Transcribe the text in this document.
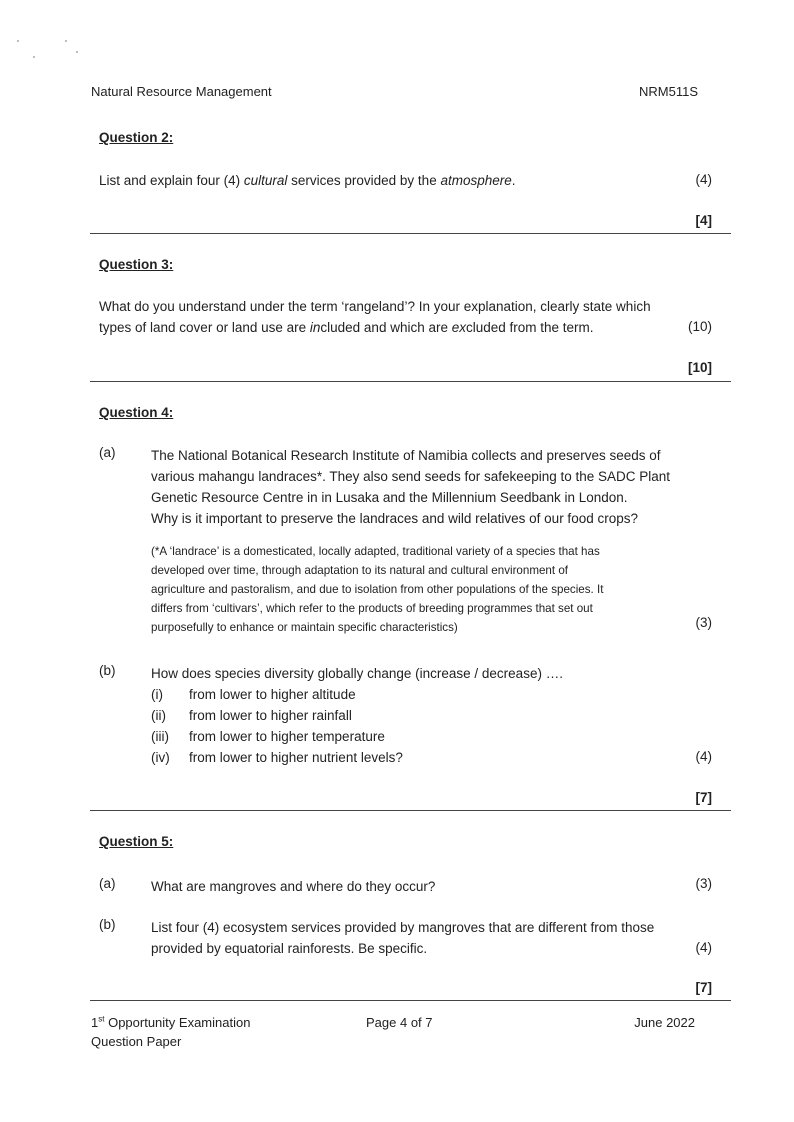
Natural Resource Management	NRM511S
Question 2:
List and explain four (4) cultural services provided by the atmosphere.	(4)
[4]
Question 3:
What do you understand under the term ‘rangeland’? In your explanation, clearly state which
types of land cover or land use are included and which are excluded from the term.	(10)
[10]
Question 4:
(a)	The National Botanical Research Institute of Namibia collects and preserves seeds of
various mahangu landraces*. They also send seeds for safekeeping to the SADC Plant
Genetic Resource Centre in in Lusaka and the Millennium Seedbank in London.
Why is it important to preserve the landraces and wild relatives of our food crops?
(*A ‘landrace’ is a domesticated, locally adapted, traditional variety of a species that has
developed over time, through adaptation to its natural and cultural environment of
agriculture and pastoralism, and due to isolation from other populations of the species. It
differs from ‘cultivars’, which refer to the products of breeding programmes that set out
purposefully to enhance or maintain specific characteristics)	(3)
(b)	How does species diversity globally change (increase / decrease) ….
(i) from lower to higher altitude
(ii) from lower to higher rainfall
(iii) from lower to higher temperature
(iv) from lower to higher nutrient levels?	(4)
[7]
Question 5:
(a)	What are mangroves and where do they occur?	(3)
(b)	List four (4) ecosystem services provided by mangroves that are different from those
provided by equatorial rainforests. Be specific.	(4)
[7]
1st Opportunity Examination
Question Paper
Page 4 of 7	June 2022
